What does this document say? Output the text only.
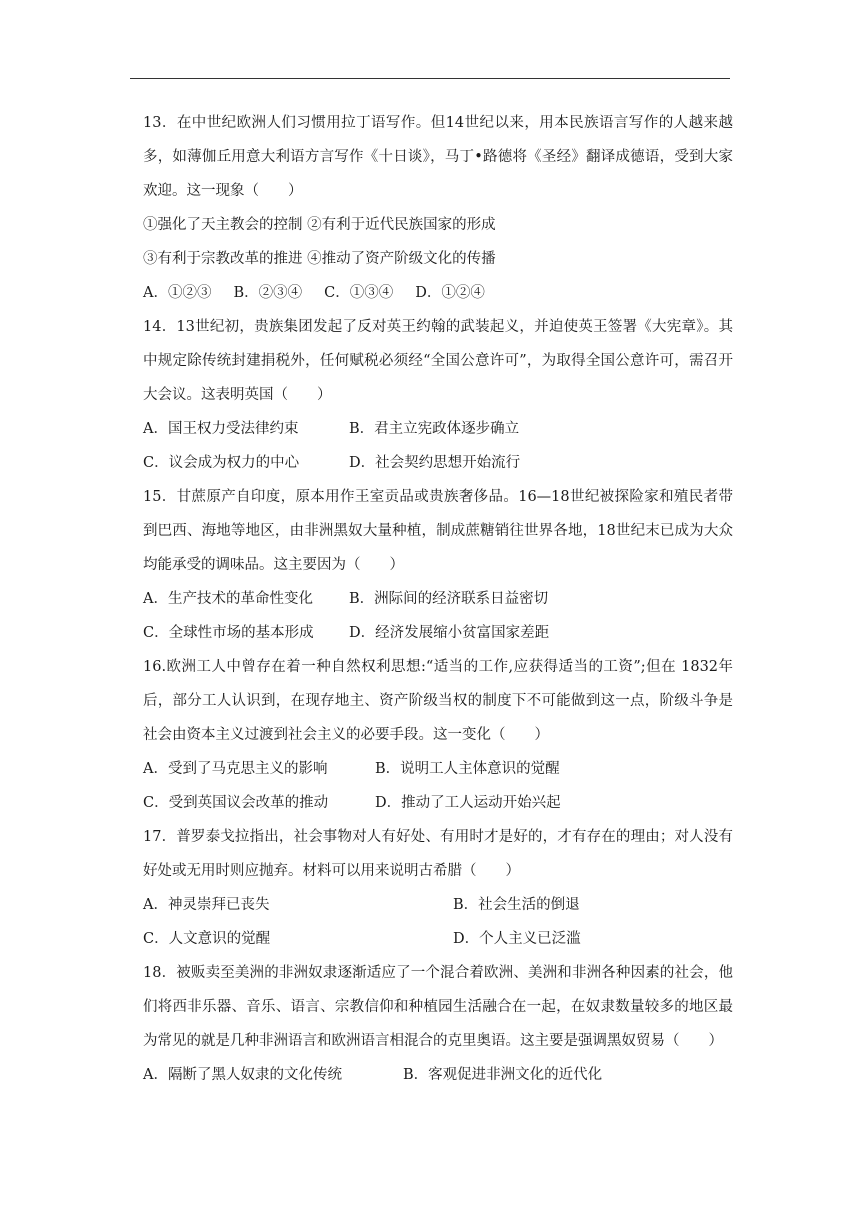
13．在中世纪欧洲人们习惯用拉丁语写作。但14世纪以来，用本民族语言写作的人越来越多，如薄伽丘用意大利语方言写作《十日谈》，马丁•路德将《圣经》翻译成德语，受到大家欢迎。这一现象（　　）
①强化了天主教会的控制 ②有利于近代民族国家的形成
③有利于宗教改革的推进 ④推动了资产阶级文化的传播
A．①②③ B．②③④ C．①③④ D．①②④
14．13世纪初，贵族集团发起了反对英王约翰的武装起义，并迫使英王签署《大宪章》。其中规定除传统封建捐税外，任何赋税必须经“全国公意许可”，为取得全国公意许可，需召开大会议。这表明英国（　　）
A．国王权力受法律约束	B．君主立宪政体逐步确立
C．议会成为权力的中心	D．社会契约思想开始流行
15．甘蔗原产自印度，原本用作王室贡品或贵族奢侈品。16—18世纪被探险家和殖民者带到巴西、海地等地区，由非洲黑奴大量种植，制成蔗糖销往世界各地，18世纪末已成为大众均能承受的调味品。这主要因为（　　）
A．生产技术的革命性变化 B．洲际间的经济联系日益密切
C．全球性市场的基本形成 D．经济发展缩小贫富国家差距
16.欧洲工人中曾存在着一种自然权利思想:“适当的工作,应获得适当的工资”;但在 1832年后，部分工人认识到，在现存地主、资产阶级当权的制度下不可能做到这一点，阶级斗争是社会由资本主义过渡到社会主义的必要手段。这一变化（　　）
A．受到了马克思主义的影响	B．说明工人主体意识的觉醒
C．受到英国议会改革的推动	D．推动了工人运动开始兴起
17．普罗泰戈拉指出，社会事物对人有好处、有用时才是好的，才有存在的理由；对人没有好处或无用时则应抛弃。材料可以用来说明古希腊（　　）
A．神灵崇拜已丧失	B．社会生活的倒退
C．人文意识的觉醒	D．个人主义已泛滥
18．被贩卖至美洲的非洲奴隶逐渐适应了一个混合着欧洲、美洲和非洲各种因素的社会，他们将西非乐器、音乐、语言、宗教信仰和种植园生活融合在一起，在奴隶数量较多的地区最为常见的就是几种非洲语言和欧洲语言相混合的克里奥语。这主要是强调黑奴贸易（　　）
A．隔断了黑人奴隶的文化传统	B．客观促进非洲文化的近代化
